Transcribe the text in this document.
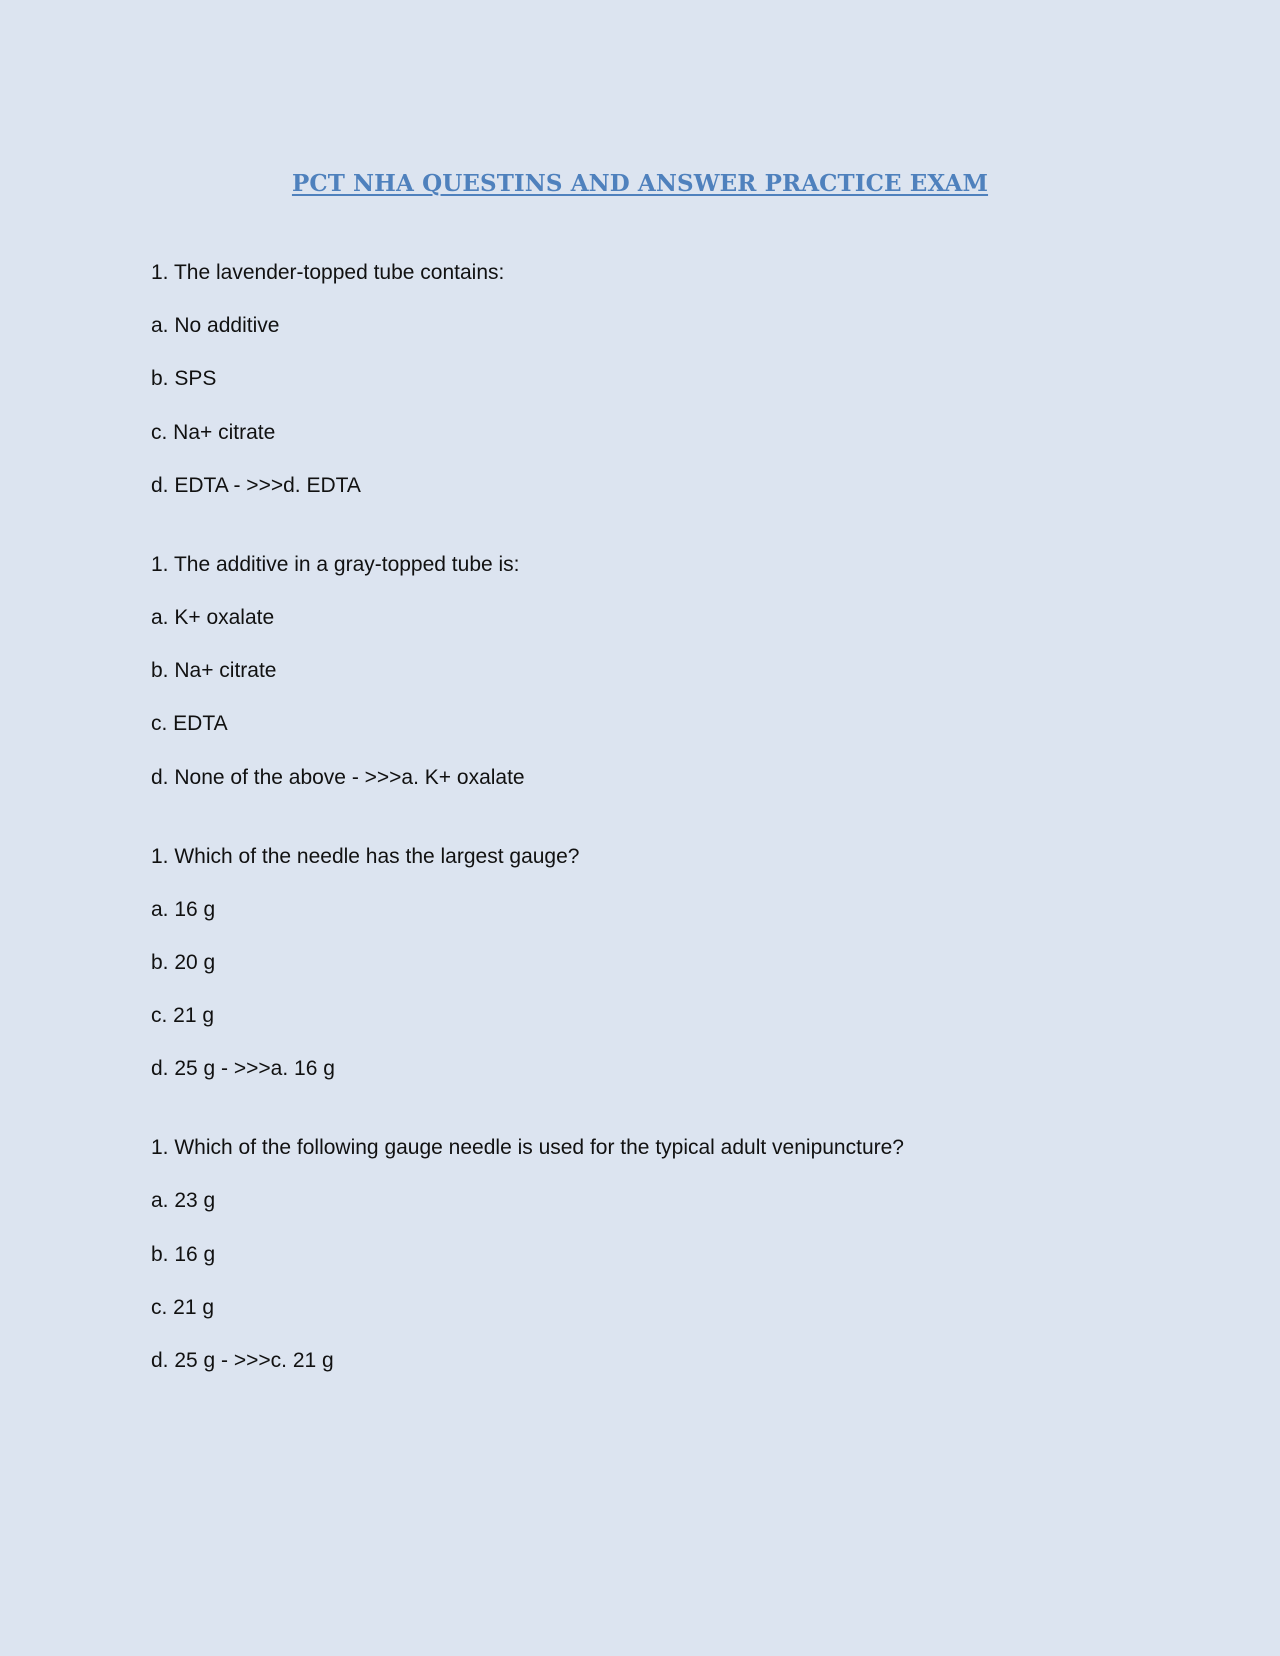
PCT NHA QUESTINS AND ANSWER PRACTICE EXAM
1. The lavender-topped tube contains:
a. No additive
b. SPS
c. Na+ citrate
d. EDTA - >>>d. EDTA
1. The additive in a gray-topped tube is:
a. K+ oxalate
b. Na+ citrate
c. EDTA
d. None of the above - >>>a. K+ oxalate
1. Which of the needle has the largest gauge?
a. 16 g
b. 20 g
c. 21 g
d. 25 g - >>>a. 16 g
1. Which of the following gauge needle is used for the typical adult venipuncture?
a. 23 g
b. 16 g
c. 21 g
d. 25 g - >>>c. 21 g
